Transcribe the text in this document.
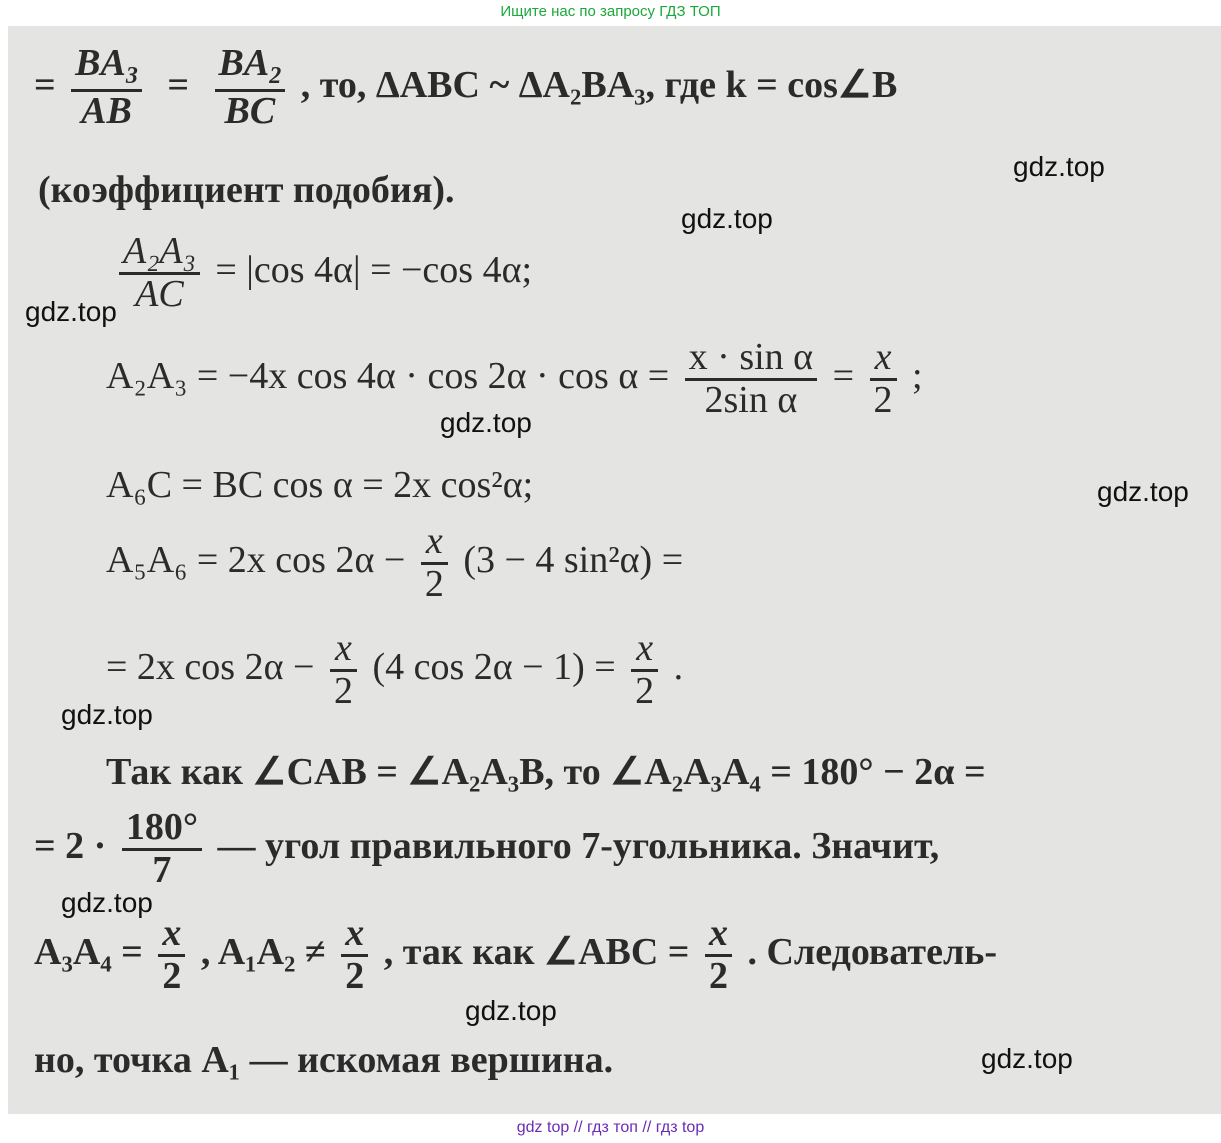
Ищите нас по запросу ГДЗ ТОП
= $\frac{BA_3}{AB} = \frac{BA_2}{BC}$ , то, ΔABC ~ ΔA₂BA₃, где k = cos∠B
(коэффициент подобия).
$\frac{\text{A₂A₃}}{AC} = |\cos$ 4α| = −cos 4α;
A₂A₃ = −4x $\cos 4\alpha \cdot \cos 2\alpha \cdot \cos \alpha = \frac{\text{x · sin α}}{\text{2sin α}} = \frac{x}{2}$ ;
A₆C = BC cos α = 2x cos²α;
A₅A₆ = 2x $\cos 2\alpha - \frac{x}{2} (3 - 4$ sin²α) =
= 2x $\cos 2\alpha - \frac{x}{2} (4$ $\cos 2\alpha - 1) = \frac{x}{2}$ .
Так как ∠CAB = ∠A₂A₃B, то ∠A₂A₃A₄ = 180° − 2α =
= $2 \cdot \frac{180^\circ}{7}$ — угол правильного 7-угольника. Значит,
$A_3A_4 = \frac{x}{2}$ , $A_1A_2 \ne \frac{x}{2}$ , так как ∠ABC = $\frac{x}{2}$ . Следователь-
но, точка A₁ — искомая вершина.
gdz.top
gdz.top
gdz.top
gdz.top
gdz.top
gdz.top
gdz.top
gdz.top
gdz.top
gdz top // гдз топ // гдз top
